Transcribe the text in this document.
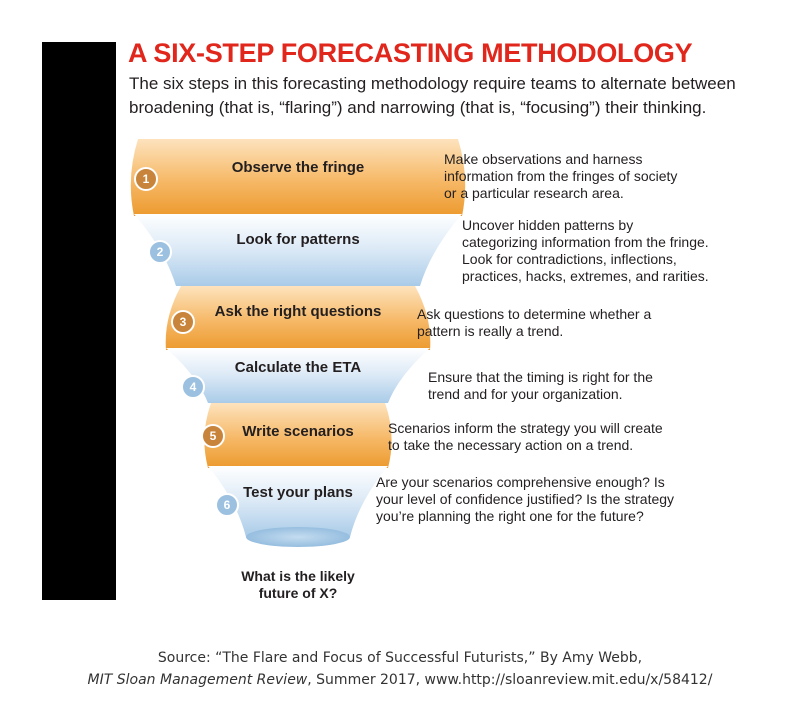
A SIX-STEP FORECASTING METHODOLOGY

The six steps in this forecasting methodology require teams to alternate between broadening (that is, “flaring”) and narrowing (that is, “focusing”) their thinking.

Observe the fringe
1
Make observations and harness
information from the fringes of society
or a particular research area.
Look for patterns
2
Uncover hidden patterns by
categorizing information from the fringe.
Look for contradictions, inflections,
practices, hacks, extremes, and rarities.
Ask the right questions
3	Ask questions to determine whether a
pattern is really a trend.
Calculate the ETA
4
Ensure that the timing is right for the
trend and for your organization.
Write scenarios
5	Scenarios inform the strategy you will create
to take the necessary action on a trend.
Test your plans
6
Are your scenarios comprehensive enough? Is
your level of confidence justified? Is the strategy
you’re planning the right one for the future?
What is the likely
future of X?
Source: “The Flare and Focus of Successful Futurists,” By Amy Webb,
MIT Sloan Management Review, Summer 2017, www.http://sloanreview.mit.edu/x/58412/
